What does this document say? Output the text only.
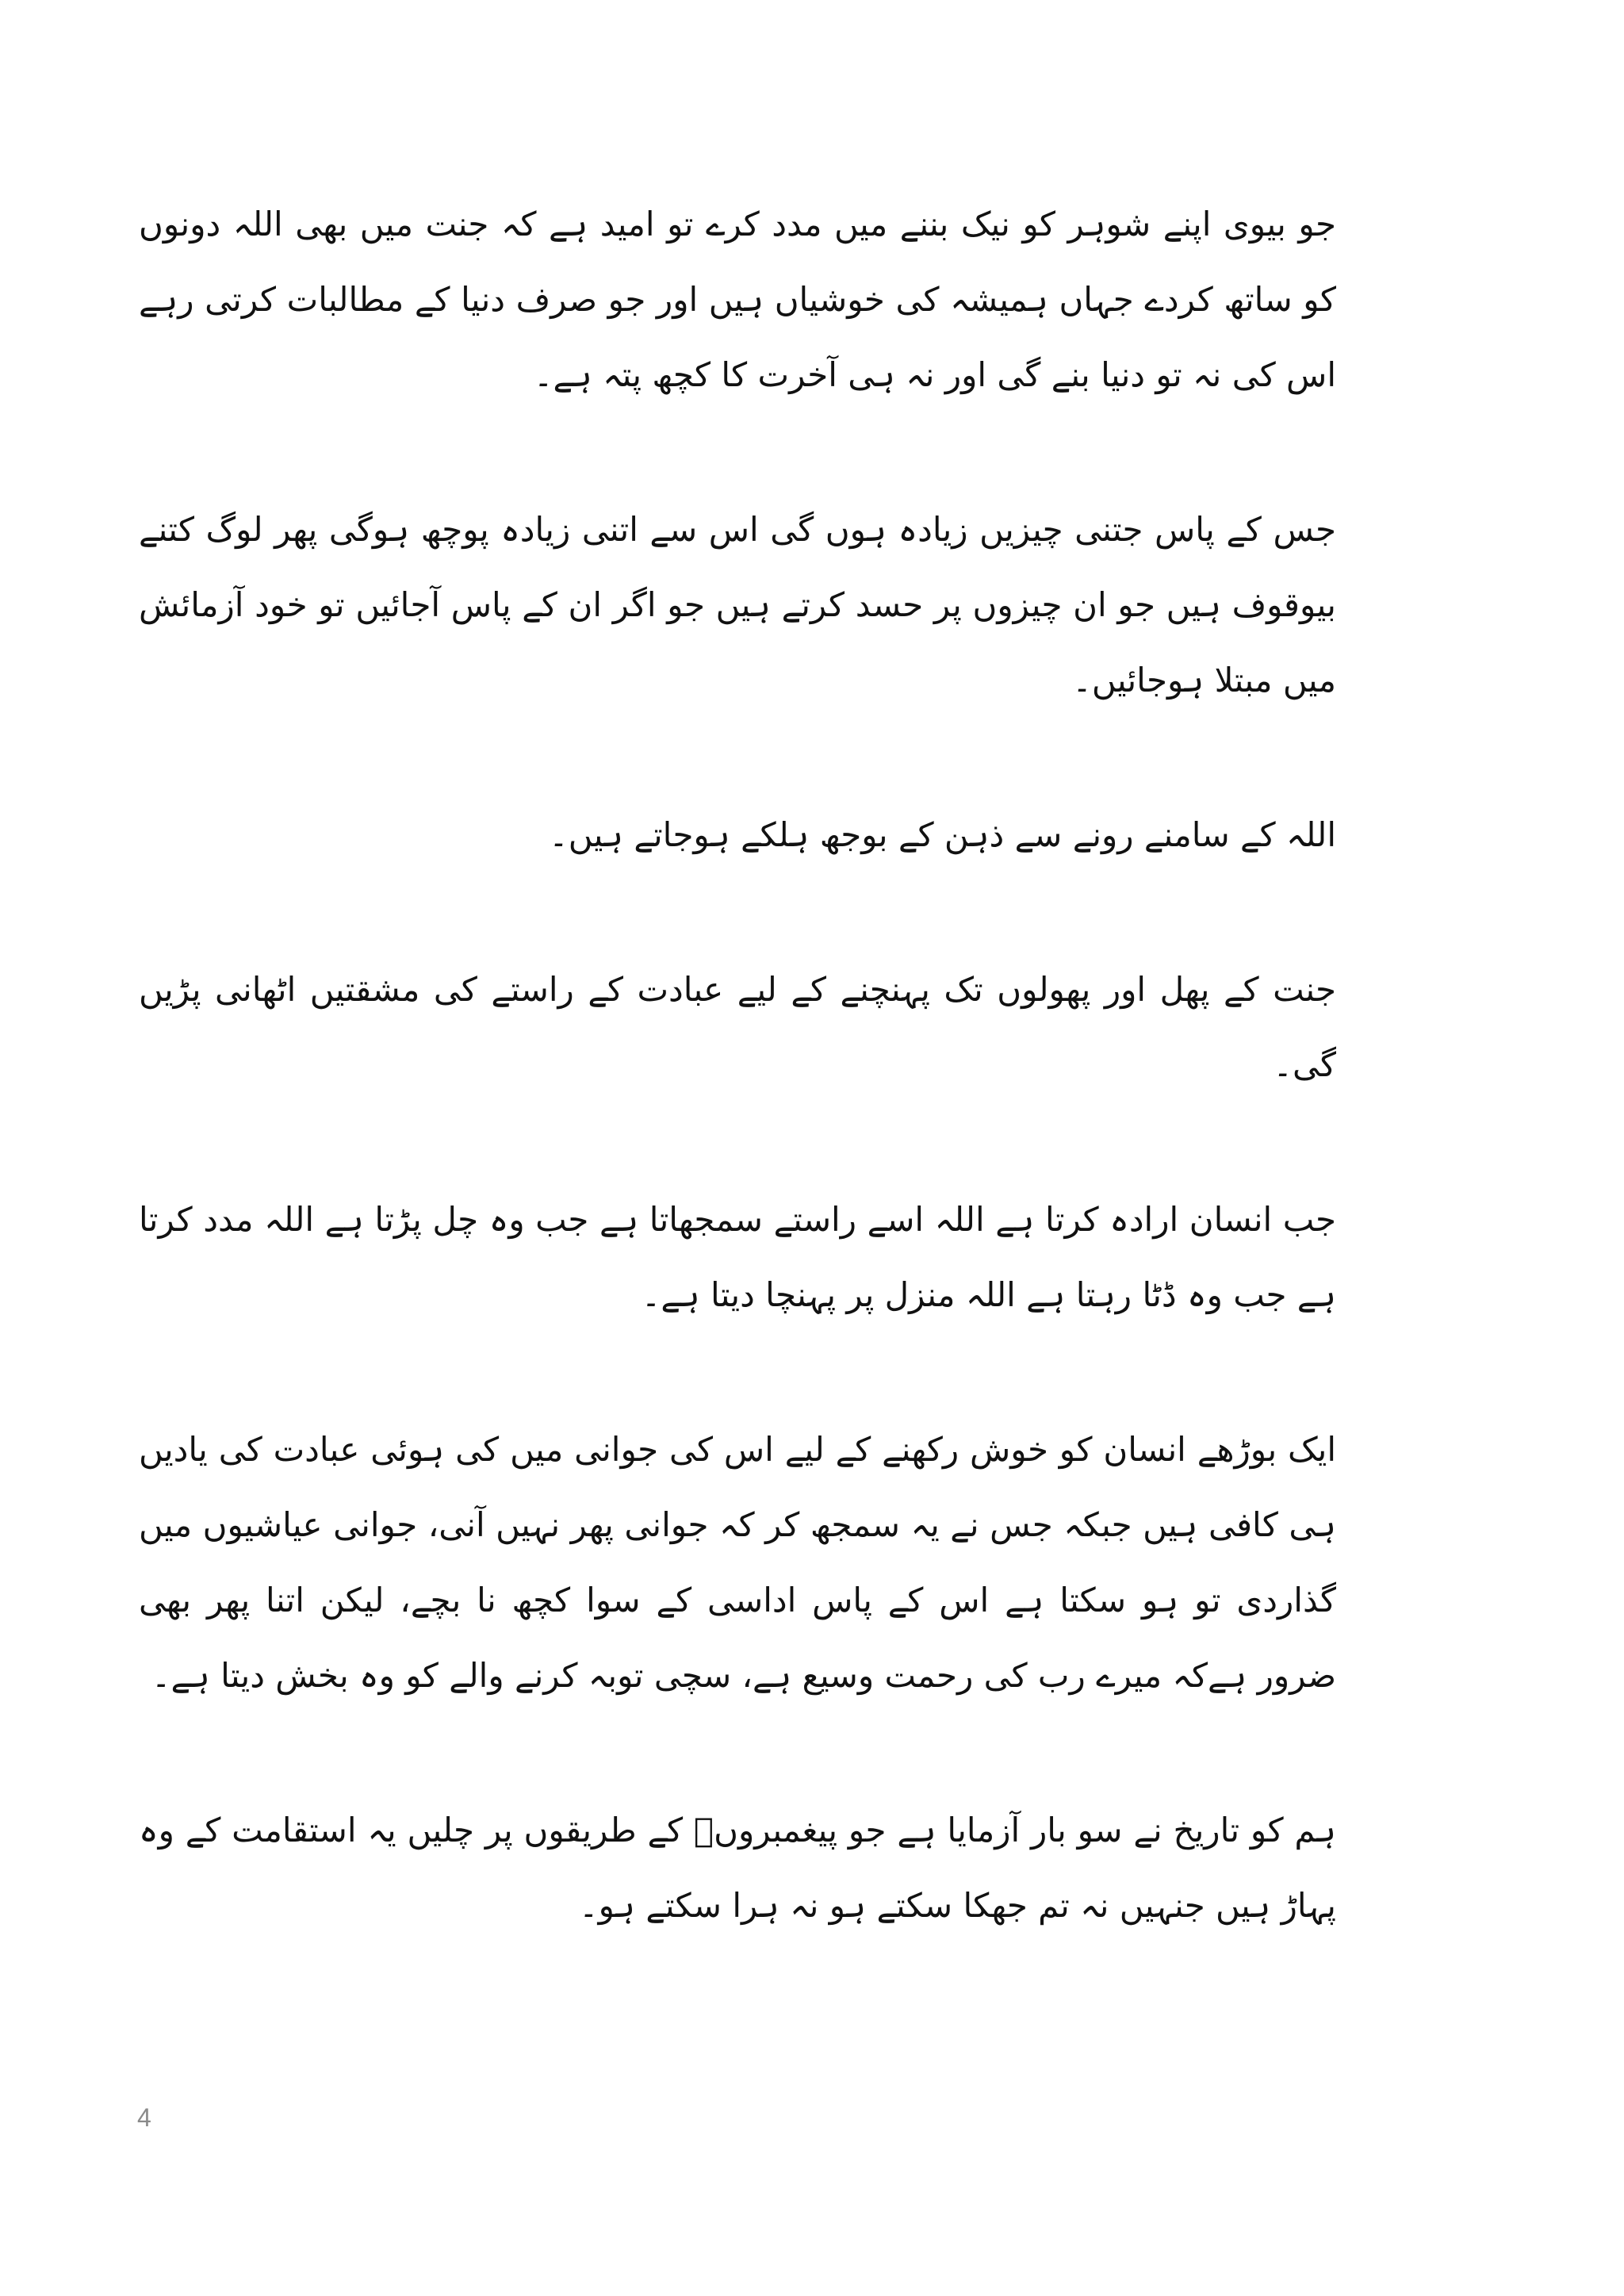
جو بیوی اپنے شوہر کو نیک بننے میں مدد کرے تو امید ہے کہ جنت میں بھی اللہ دونوں کو ساتھ کردے جہاں ہمیشہ کی خوشیاں ہیں اور جو صرف دنیا کے مطالبات کرتی رہے اس کی نہ تو دنیا بنے گی اور نہ ہی آخرت کا کچھ پتہ ہے۔

جس کے پاس جتنی چیزیں زیادہ ہوں گی اس سے اتنی زیادہ پوچھ ہوگی پھر لوگ کتنے بیوقوف ہیں جو ان چیزوں پر حسد کرتے ہیں جو اگر ان کے پاس آجائیں تو خود آزمائش میں مبتلا ہوجائیں۔

اللہ کے سامنے رونے سے ذہن کے بوجھ ہلکے ہوجاتے ہیں۔

جنت کے پھل اور پھولوں تک پہنچنے کے لیے عبادت کے راستے کی مشقتیں اٹھانی پڑیں گی۔

جب انسان ارادہ کرتا ہے اللہ اسے راستے سمجھاتا ہے جب وہ چل پڑتا ہے اللہ مدد کرتا ہے جب وہ ڈٹا رہتا ہے اللہ منزل پر پہنچا دیتا ہے۔

ایک بوڑھے انسان کو خوش رکھنے کے لیے اس کی جوانی میں کی ہوئی عبادت کی یادیں ہی کافی ہیں جبکہ جس نے یہ سمجھ کر کہ جوانی پھر نہیں آنی، جوانی عیاشیوں میں گذاردی تو ہو سکتا ہے اس کے پاس اداسی کے سوا کچھ نا بچے، لیکن اتنا پھر بھی ضرور ہےکہ میرے رب کی رحمت وسیع ہے، سچی توبہ کرنے والے کو وہ بخش دیتا ہے۔

ہم کو تاریخ نے سو بار آزمایا ہے جو پیغمبروںؑ کے طریقوں پر چلیں یہ استقامت کے وہ پہاڑ ہیں جنہیں نہ تم جھکا سکتے ہو نہ ہرا سکتے ہو۔

4
